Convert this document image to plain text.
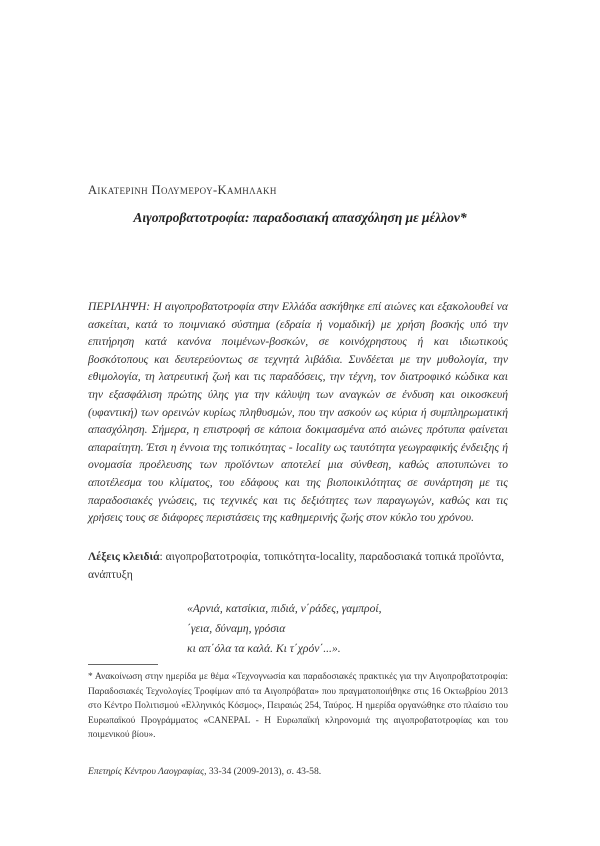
Αικατερινη Πολυμερου-Καμηλακη
Αιγοπροβατοτροφία: παραδοσιακή απασχόληση με μέλλον*
ΠΕΡΙΛΗΨΗ: Η αιγοπροβατοτροφία στην Ελλάδα ασκήθηκε επί αιώνες και εξακολουθεί να ασκείται, κατά το ποιμνιακό σύστημα (εδραία ή νομαδική) με χρήση βοσκής υπό την επιτήρηση κατά κανόνα ποιμένων-βοσκών, σε κοινόχρηστους ή και ιδιωτικούς βοσκότοπους και δευτερεύοντως σε τεχνητά λιβάδια. Συνδέεται με την μυθολογία, την εθιμολογία, τη λατρευτική ζωή και τις παραδόσεις, την τέχνη, τον διατροφικό κώδικα και την εξασφάλιση πρώτης ύλης για την κάλυψη των αναγκών σε ένδυση και οικοσκευή (υφαντική) των ορεινών κυρίως πληθυσμών, που την ασκούν ως κύρια ή συμπληρωματική απασχόληση. Σήμερα, η επιστροφή σε κάποια δοκιμασμένα από αιώνες πρότυπα φαίνεται απαραίτητη. Έτσι η έννοια της τοπικότητας - locality ως ταυτότητα γεωγραφικής ένδειξης ή ονομασία προέλευσης των προϊόντων αποτελεί μια σύνθεση, καθώς αποτυπώνει το αποτέλεσμα του κλίματος, του εδάφους και της βιοποικιλότητας σε συνάρτηση με τις παραδοσιακές γνώσεις, τις τεχνικές και τις δεξιότητες των παραγωγών, καθώς και τις χρήσεις τους σε διάφορες περιστάσεις της καθημερινής ζωής στον κύκλο του χρόνου.
Λέξεις κλειδιά: αιγοπροβατοτροφία, τοπικότητα-locality, παραδοσιακά τοπικά προϊόντα, ανάπτυξη
«Αρνιά, κατσίκια, πιδιά, ν΄ράδες, γαμπροί,
΄γεια, δύναμη, γρόσια
κι απ΄όλα τα καλά. Κι τ΄χρόν΄...».
* Ανακοίνωση στην ημερίδα με θέμα «Τεχνογνωσία και παραδοσιακές πρακτικές για την Αιγοπροβατοτροφία: Παραδοσιακές Τεχνολογίες Τροφίμων από τα Αιγοπρόβατα» που πραγματοποιήθηκε στις 16 Οκτωβρίου 2013 στο Κέντρο Πολιτισμού «Ελληνικός Κόσμος», Πειραιώς 254, Ταύρος. Η ημερίδα οργανώθηκε στο πλαίσιο του Ευρωπαϊκού Προγράμματος «CANEPAL - Η Ευρωπαϊκή κληρονομιά της αιγοπροβατοτροφίας και του ποιμενικού βίου».
Επετηρίς Κέντρου Λαογραφίας, 33-34 (2009-2013), σ. 43-58.
